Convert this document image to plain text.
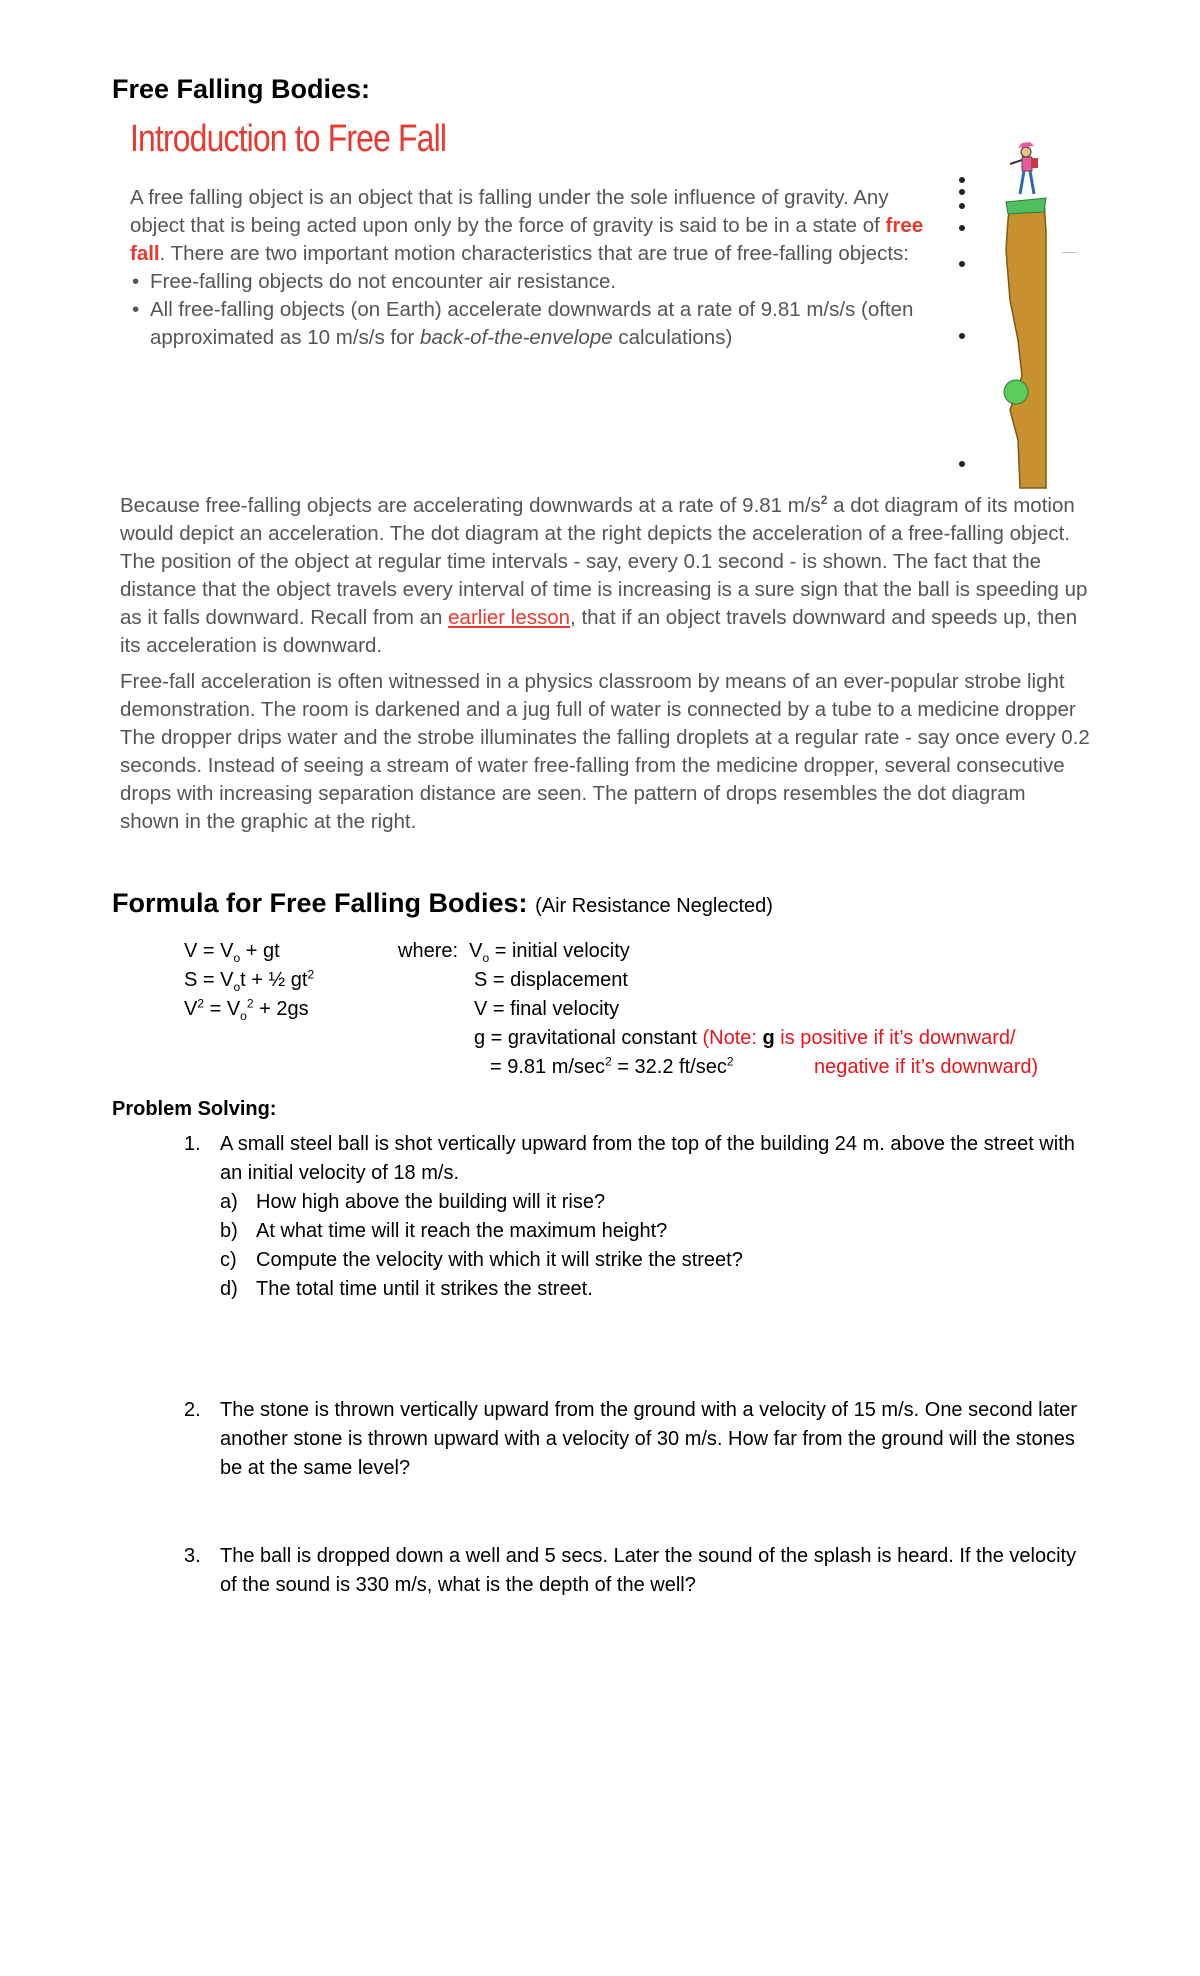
Free Falling Bodies:
Introduction to Free Fall
A free falling object is an object that is falling under the sole influence of gravity. Any object that is being acted upon only by the force of gravity is said to be in a state of free fall. There are two important motion characteristics that are true of free-falling objects:
• Free-falling objects do not encounter air resistance.
• All free-falling objects (on Earth) accelerate downwards at a rate of 9.81 m/s/s (often approximated as 10 m/s/s for back-of-the-envelope calculations)
Because free-falling objects are accelerating downwards at a rate of 9.81 $m/s^2$ a dot diagram of its motion would depict an acceleration. The dot diagram at the right depicts the acceleration of a free-falling object. The position of the object at regular time intervals - say, every 0.1 second - is shown. The fact that the distance that the object travels every interval of time is increasing is a sure sign that the ball is speeding up as it falls downward. Recall from an earlier lesson, that if an object travels downward and speeds up, then its acceleration is downward.
Free-fall acceleration is often witnessed in a physics classroom by means of an ever-popular strobe light demonstration. The room is darkened and a jug full of water is connected by a tube to a medicine dropper The dropper drips water and the strobe illuminates the falling droplets at a regular rate - say once every 0.2 seconds. Instead of seeing a stream of water free-falling from the medicine dropper, several consecutive drops with increasing separation distance are seen. The pattern of drops resembles the dot diagram shown in the graphic at the right.
Formula for Free Falling Bodies: (Air Resistance Neglected)
$V = V_o$ + gt
$S = V_ot$ + ½ $gt^2$
$V^2 = V_o^2 + 2gs$
where: $V_o$ = initial velocity
S = displacement
V = final velocity
g = gravitational constant (Note: g is positive if it’s downward/
= 9.81 $m/\sec^2 = 32.2$ $ft/\sec^2$	negative if it’s downward)
Problem Solving:
1. A small steel ball is shot vertically upward from the top of the building 24 m. above the street with an initial velocity of 18 m/s.
a) How high above the building will it rise?
b) At what time will it reach the maximum height?
c) Compute the velocity with which it will strike the street?
d) The total time until it strikes the street.
2. The stone is thrown vertically upward from the ground with a velocity of 15 m/s. One second later another stone is thrown upward with a velocity of 30 m/s. How far from the ground will the stones be at the same level?
3. The ball is dropped down a well and 5 secs. Later the sound of the splash is heard. If the velocity of the sound is 330 m/s, what is the depth of the well?
